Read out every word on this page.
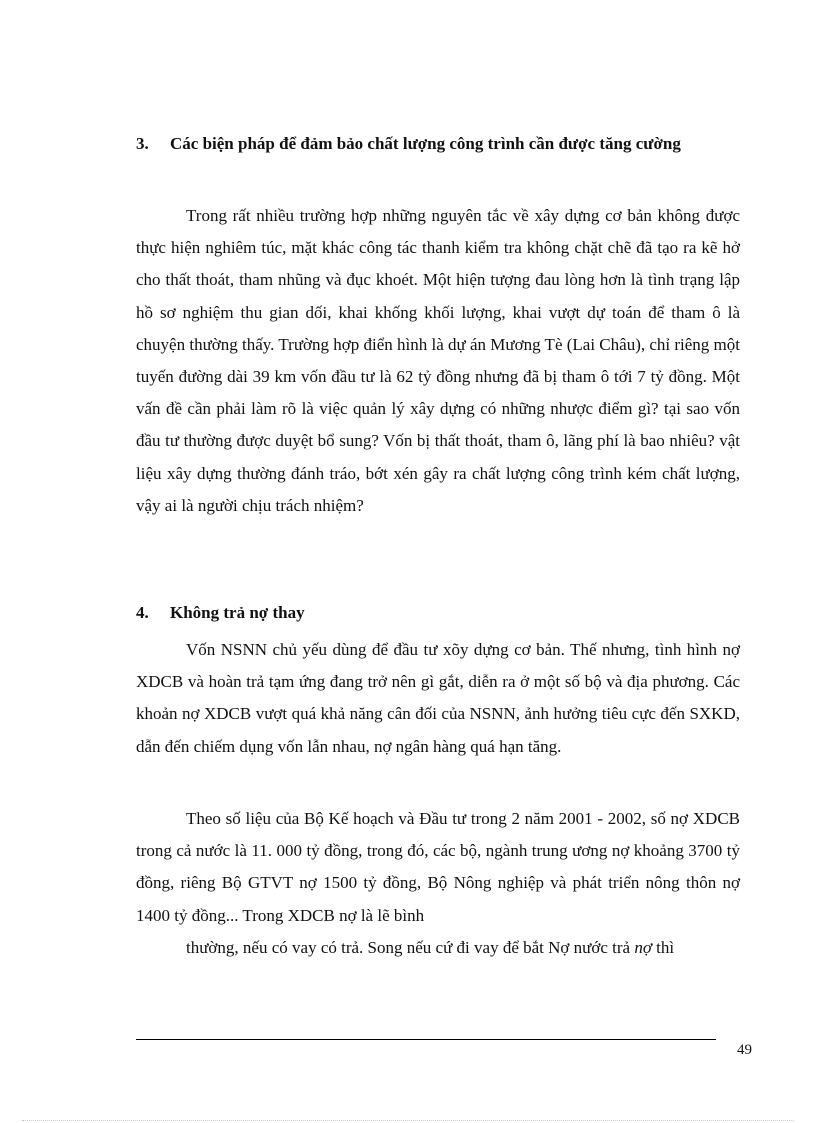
3. Các biện pháp để đảm bảo chất lượng công trình cần được tăng cường

Trong rất nhiều trường hợp những nguyên tắc về xây dựng cơ bản không được thực hiện nghiêm túc, mặt khác công tác thanh kiểm tra không chặt chẽ đã tạo ra kẽ hở cho thất thoát, tham nhũng và đục khoét. Một hiện tượng đau lòng hơn là tình trạng lập hồ sơ nghiệm thu gian dối, khai khống khối lượng, khai vượt dự toán để tham ô là chuyện thường thấy. Trường hợp điển hình là dự án Mương Tè (Lai Châu), chỉ riêng một tuyến đường dài 39 km vốn đầu tư là 62 tỷ đồng nhưng đã bị tham ô tới 7 tỷ đồng. Một vấn đề cần phải làm rõ là việc quản lý xây dựng có những nhược điểm gì? tại sao vốn đầu tư thường được duyệt bổ sung? Vốn bị thất thoát, tham ô, lãng phí là bao nhiêu? vật liệu xây dựng thường đánh tráo, bớt xén gây ra chất lượng công trình kém chất lượng, vậy ai là người chịu trách nhiệm?

4. Không trả nợ thay

Vốn NSNN chủ yếu dùng để đầu tư xõy dựng cơ bản. Thế nhưng, tình hình nợ XDCB và hoàn trả tạm ứng đang trở nên gì gắt, diễn ra ở một số bộ và địa phương. Các khoản nợ XDCB vượt quá khả năng cân đối của NSNN, ảnh hưởng tiêu cực đến SXKD, dẫn đến chiếm dụng vốn lẫn nhau, nợ ngân hàng quá hạn tăng.

Theo số liệu của Bộ Kế hoạch và Đầu tư trong 2 năm 2001 - 2002, số nợ XDCB trong cả nước là 11. 000 tỷ đồng, trong đó, các bộ, ngành trung ương nợ khoảng 3700 tỷ đồng, riêng Bộ GTVT nợ 1500 tỷ đồng, Bộ Nông nghiệp và phát triển nông thôn nợ 1400 tỷ đồng... Trong XDCB nợ là lẽ bình

thường, nếu có vay có trả. Song nếu cứ đi vay để bắt Nợ nước trả nợ thì

49
